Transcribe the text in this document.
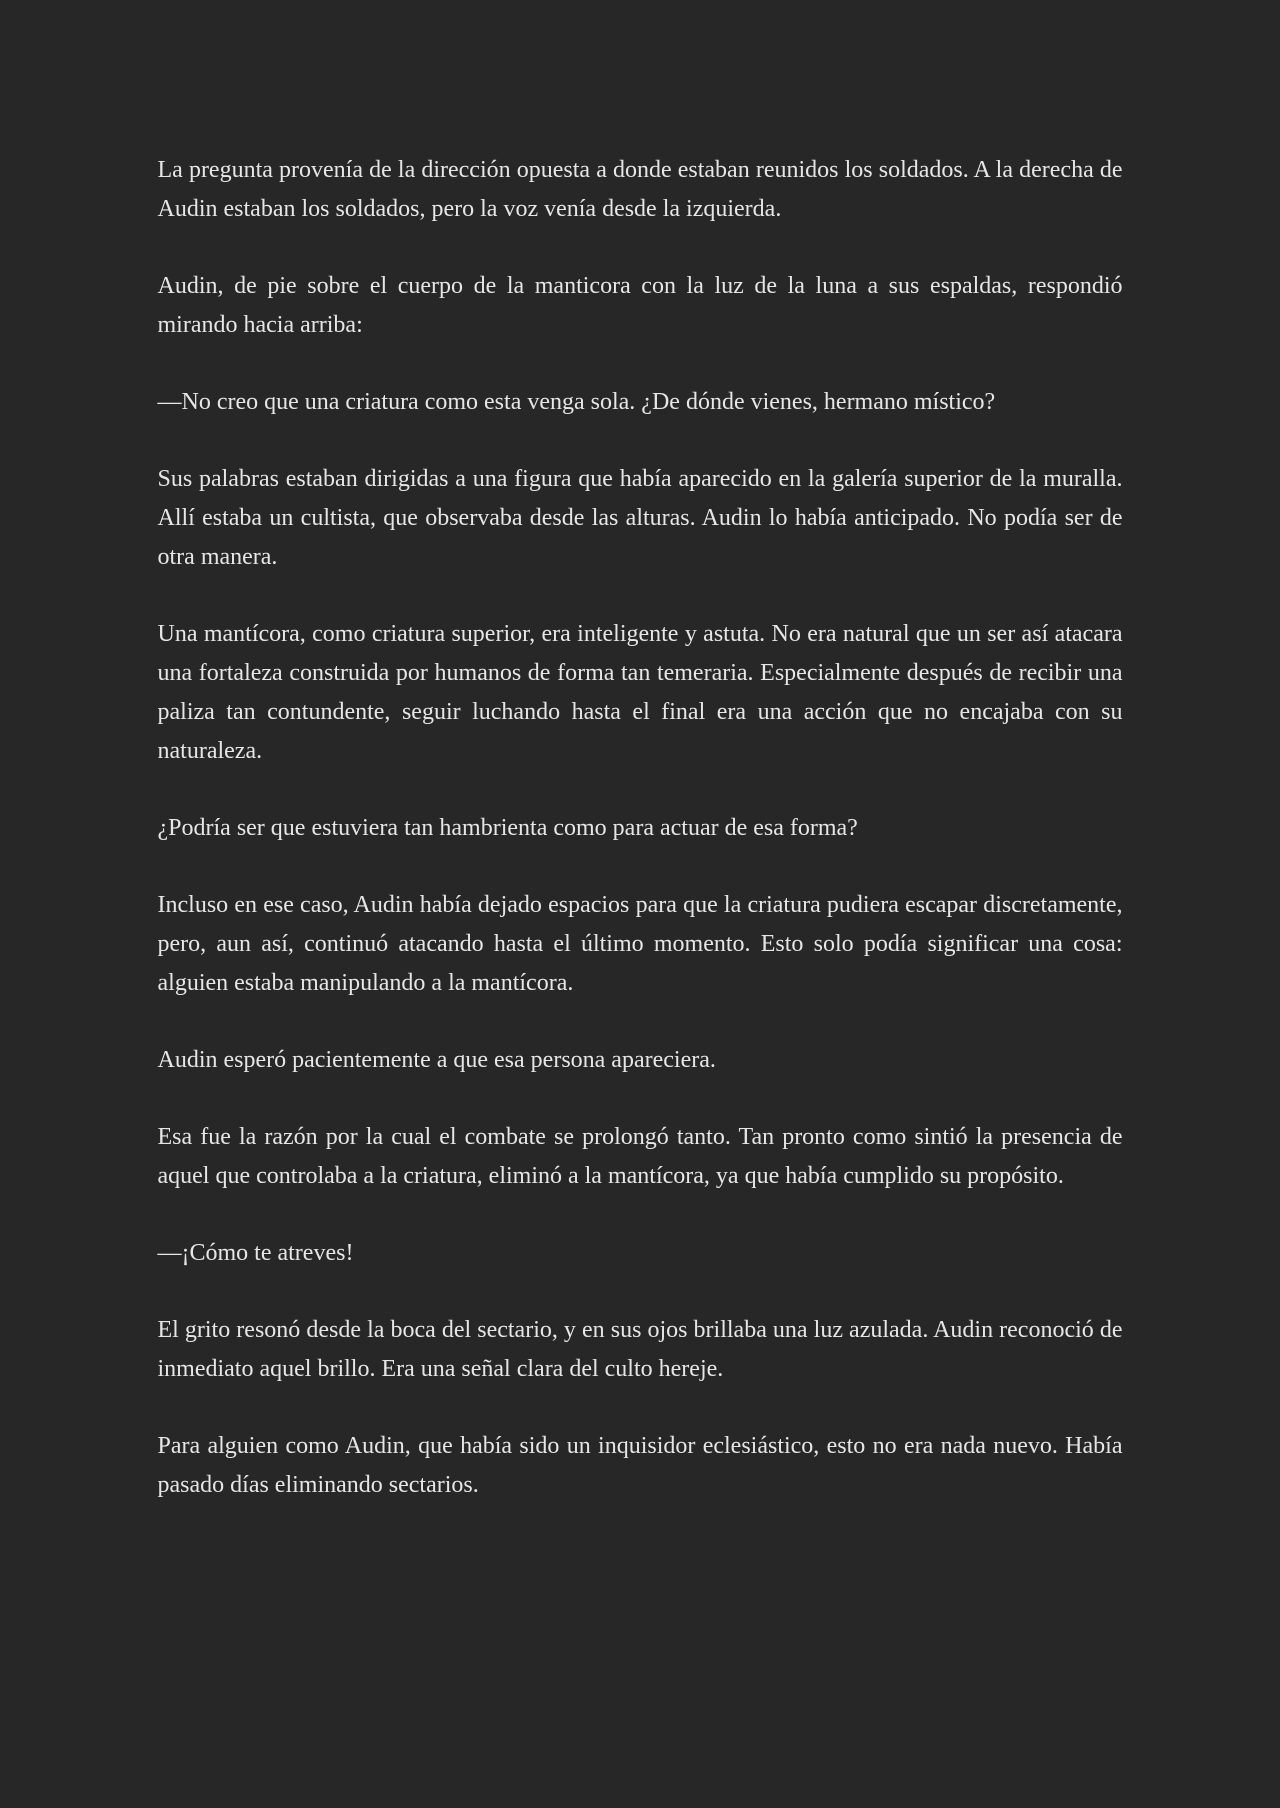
La pregunta provenía de la dirección opuesta a donde estaban reunidos los soldados. A la derecha de Audin estaban los soldados, pero la voz venía desde la izquierda.

Audin, de pie sobre el cuerpo de la manticora con la luz de la luna a sus espaldas, respondió mirando hacia arriba:

—No creo que una criatura como esta venga sola. ¿De dónde vienes, hermano místico?

Sus palabras estaban dirigidas a una figura que había aparecido en la galería superior de la muralla. Allí estaba un cultista, que observaba desde las alturas. Audin lo había anticipado. No podía ser de otra manera.

Una mantícora, como criatura superior, era inteligente y astuta. No era natural que un ser así atacara una fortaleza construida por humanos de forma tan temeraria. Especialmente después de recibir una paliza tan contundente, seguir luchando hasta el final era una acción que no encajaba con su naturaleza.

¿Podría ser que estuviera tan hambrienta como para actuar de esa forma?

Incluso en ese caso, Audin había dejado espacios para que la criatura pudiera escapar discretamente, pero, aun así, continuó atacando hasta el último momento. Esto solo podía significar una cosa: alguien estaba manipulando a la mantícora.

Audin esperó pacientemente a que esa persona apareciera.

Esa fue la razón por la cual el combate se prolongó tanto. Tan pronto como sintió la presencia de aquel que controlaba a la criatura, eliminó a la mantícora, ya que había cumplido su propósito.

—¡Cómo te atreves!

El grito resonó desde la boca del sectario, y en sus ojos brillaba una luz azulada. Audin reconoció de inmediato aquel brillo. Era una señal clara del culto hereje.

Para alguien como Audin, que había sido un inquisidor eclesiástico, esto no era nada nuevo. Había pasado días eliminando sectarios.
